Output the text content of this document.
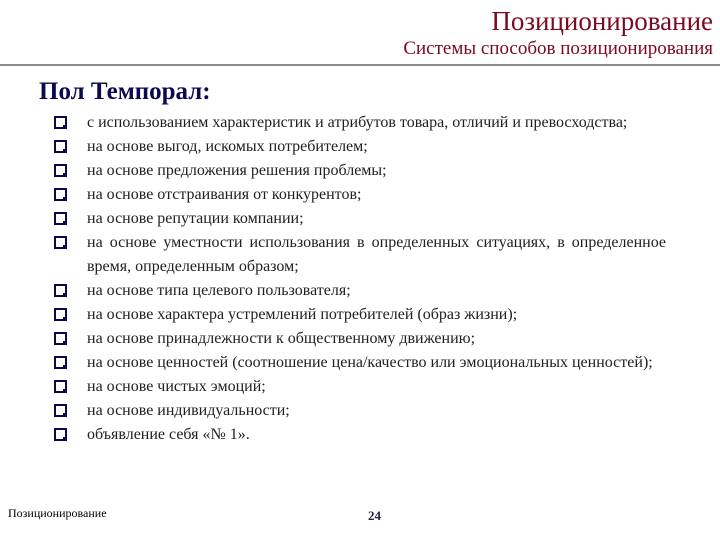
Позиционирование
Системы способов позиционирования
Пол Темпорал:
с использованием характеристик и атрибутов товара, отличий и превосходства;
на основе выгод, искомых потребителем;
на основе предложения решения проблемы;
на основе отстраивания от конкурентов;
на основе репутации компании;
на основе уместности использования в определенных ситуациях, в определенное время, определенным образом;
на основе типа целевого пользователя;
на основе характера устремлений потребителей (образ жизни);
на основе принадлежности к общественному движению;
на основе ценностей (соотношение цена/качество или эмоциональных ценностей);
на основе чистых эмоций;
на основе индивидуальности;
объявление себя «№ 1».
Позиционирование	24
